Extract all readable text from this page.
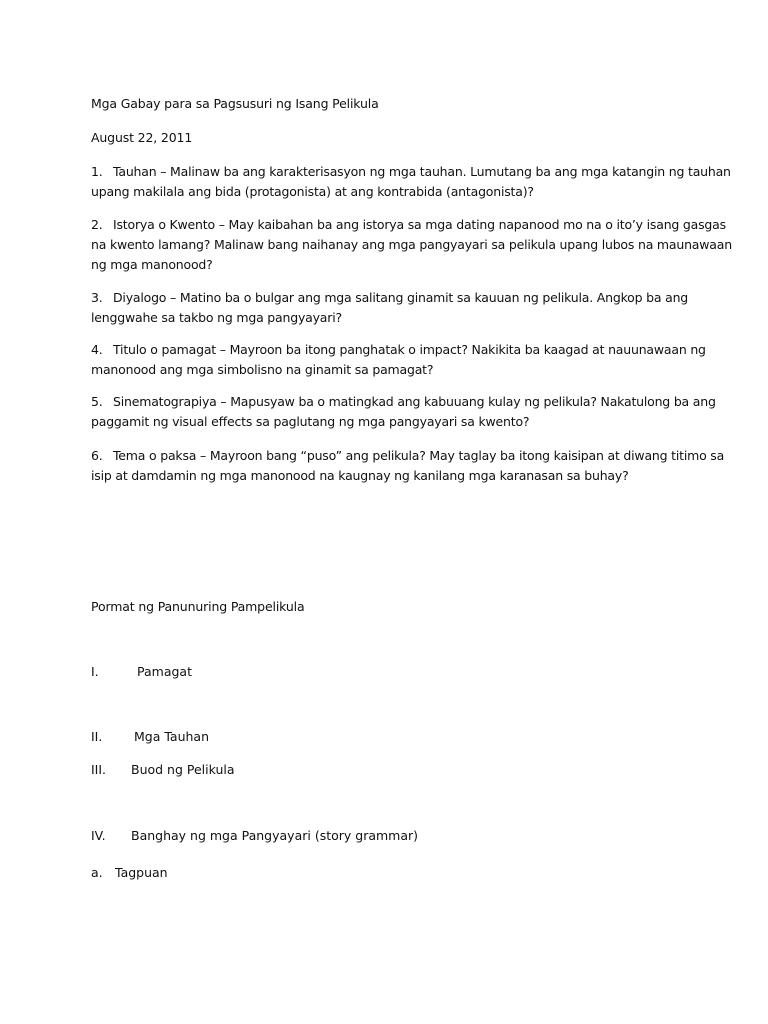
Mga Gabay para sa Pagsusuri ng Isang Pelikula
August 22, 2011
1. Tauhan – Malinaw ba ang karakterisasyon ng mga tauhan. Lumutang ba ang mga katangin ng tauhan
upang makilala ang bida (protagonista) at ang kontrabida (antagonista)?
2. Istorya o Kwento – May kaibahan ba ang istorya sa mga dati̇ng napanood mo na o ito’y isang gasgas
na kwento lamang? Malinaw bang naihanay ang mga pangyayari sa pelikula upang lubos na maunawaan
ng mga manonood?
3. Diyalogo – Mati̇no ba o bulgar ang mga salitang ginamit sa kauuan ng pelikula. Angkop ba ang
lenggwahe sa takbo ng mga pangyayari?
4. Titulo o pamagat – Mayroon ba itong panghatak o impact? Nakikita ba kaagad at nauunawaan ng
manonood ang mga simbolisno na ginamit sa pamagat?
5. Sinematograpiya – Mapusyaw ba o mati̇ngkad ang kabuuang kulay ng pelikula? Nakatulong ba ang
paggamit ng visual effects sa paglutang ng mga pangyayari sa kwento?
6. Tema o paksa – Mayroon bang “puso” ang pelikula? May taglay ba itong kaisipan at diwang ti̇ti̇mo sa
isip at damdamin ng mga manonood na kaugnay ng kanilang mga karanasan sa buhay?
Pormat ng Panunuring Pampelikula
I.	Pamagat
II.	Mga Tauhan
III. Buod ng Pelikula
IV. Banghay ng mga Pangyayari (story grammar)
a. Tagpuan
